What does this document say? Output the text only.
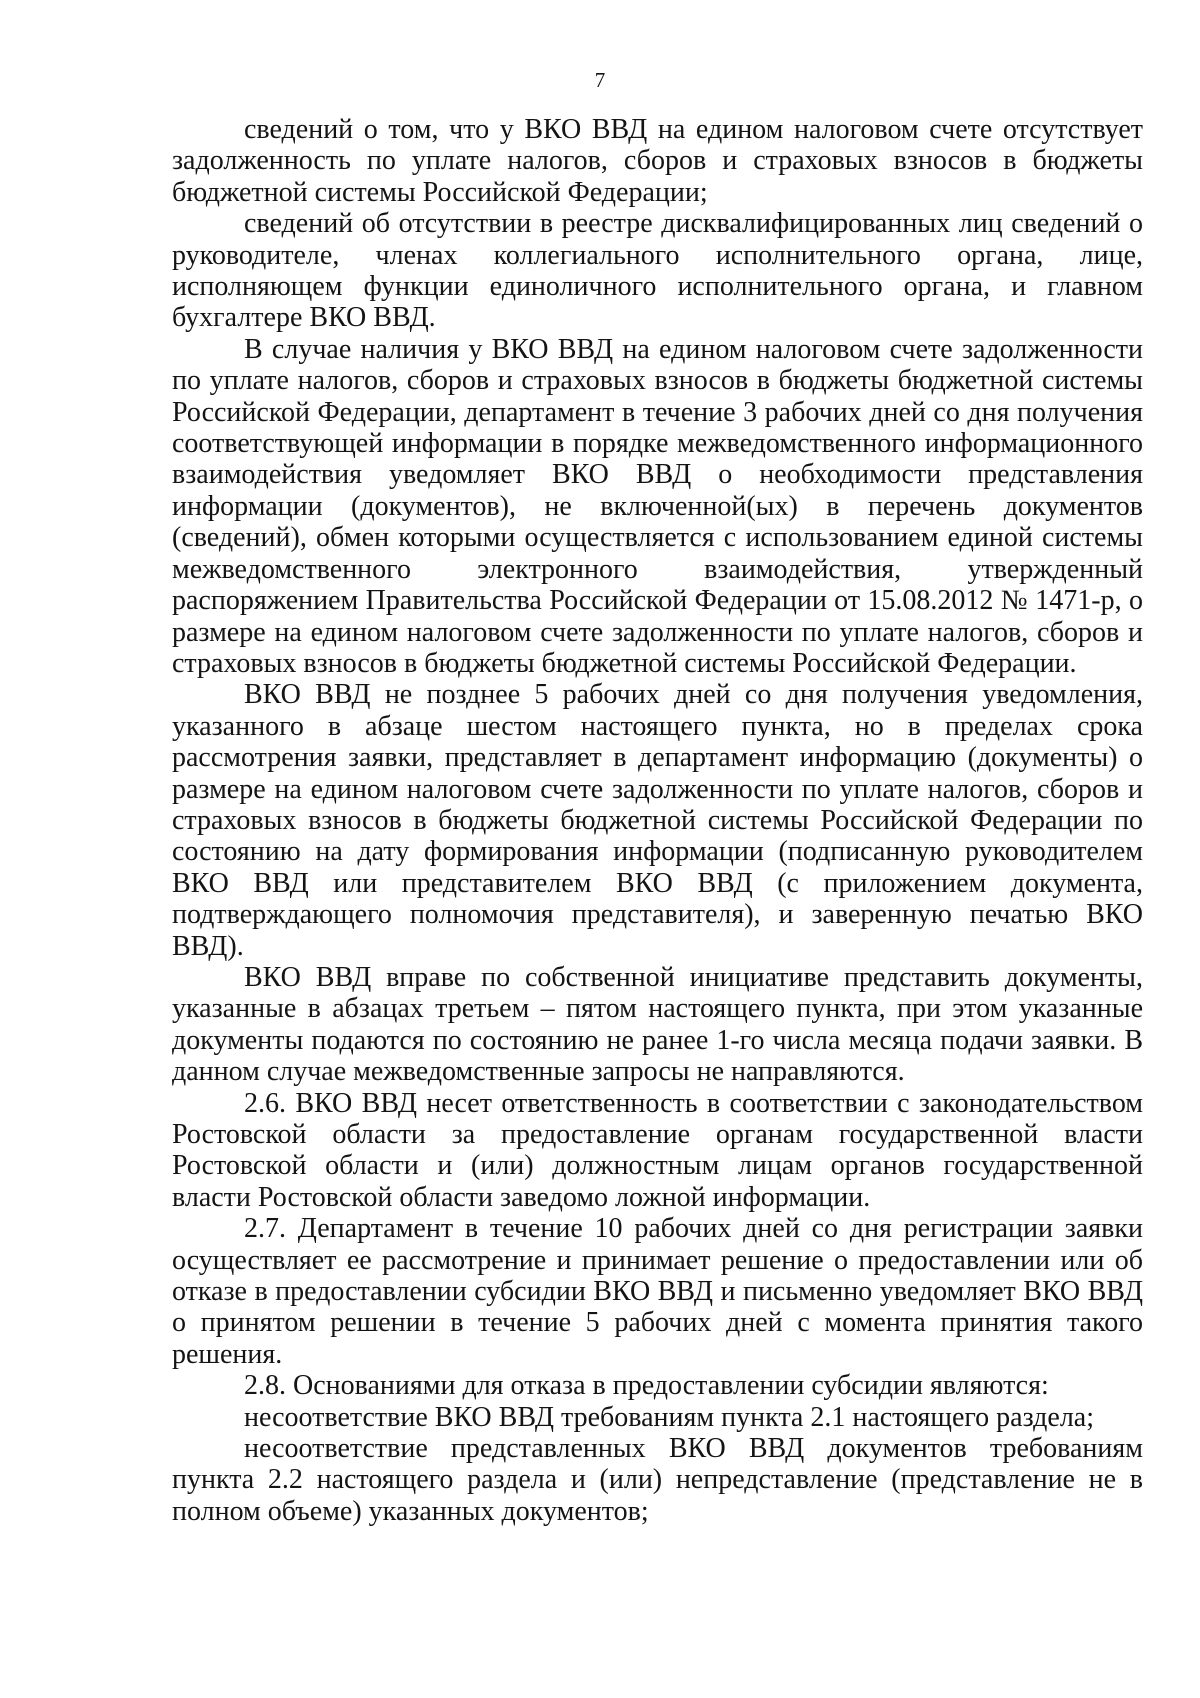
7

сведений о том, что у ВКО ВВД на едином налоговом счете отсутствует задолженность по уплате налогов, сборов и страховых взносов в бюджеты бюджетной системы Российской Федерации;

сведений об отсутствии в реестре дисквалифицированных лиц сведений о руководителе, членах коллегиального исполнительного органа, лице, исполняющем функции единоличного исполнительного органа, и главном бухгалтере ВКО ВВД.

В случае наличия у ВКО ВВД на едином налоговом счете задолженности по уплате налогов, сборов и страховых взносов в бюджеты бюджетной системы Российской Федерации, департамент в течение 3 рабочих дней со дня получения соответствующей информации в порядке межведомственного информационного взаимодействия уведомляет ВКО ВВД о необходимости представления информации (документов), не включенной(ых) в перечень документов (сведений), обмен которыми осуществляется с использованием единой системы межведомственного электронного взаимодействия, утвержденный распоряжением Правительства Российской Федерации от 15.08.2012 № 1471-р, о размере на едином налоговом счете задолженности по уплате налогов, сборов и страховых взносов в бюджеты бюджетной системы Российской Федерации.

ВКО ВВД не позднее 5 рабочих дней со дня получения уведомления, указанного в абзаце шестом настоящего пункта, но в пределах срока рассмотрения заявки, представляет в департамент информацию (документы) о размере на едином налоговом счете задолженности по уплате налогов, сборов и страховых взносов в бюджеты бюджетной системы Российской Федерации по состоянию на дату формирования информации (подписанную руководителем ВКО ВВД или представителем ВКО ВВД (с приложением документа, подтверждающего полномочия представителя), и заверенную печатью ВКО ВВД).

ВКО ВВД вправе по собственной инициативе представить документы, указанные в абзацах третьем – пятом настоящего пункта, при этом указанные документы подаются по состоянию не ранее 1-го числа месяца подачи заявки. В данном случае межведомственные запросы не направляются.

2.6. ВКО ВВД несет ответственность в соответствии с законодательством Ростовской области за предоставление органам государственной власти Ростовской области и (или) должностным лицам органов государственной власти Ростовской области заведомо ложной информации.

2.7. Департамент в течение 10 рабочих дней со дня регистрации заявки осуществляет ее рассмотрение и принимает решение о предоставлении или об отказе в предоставлении субсидии ВКО ВВД и письменно уведомляет ВКО ВВД о принятом решении в течение 5 рабочих дней с момента принятия такого решения.

2.8. Основаниями для отказа в предоставлении субсидии являются:

несоответствие ВКО ВВД требованиям пункта 2.1 настоящего раздела;

несоответствие представленных ВКО ВВД документов требованиям пункта 2.2 настоящего раздела и (или) непредставление (представление не в полном объеме) указанных документов;
